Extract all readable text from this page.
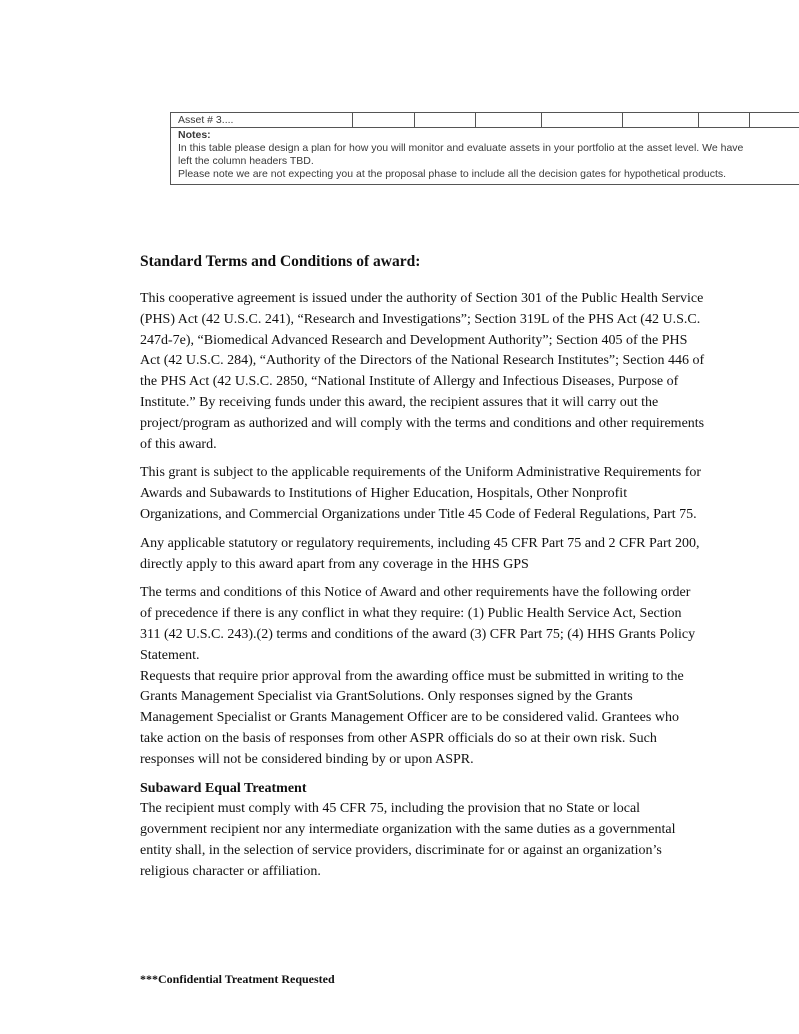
Asset # 3....

Notes:

In this table please design a plan for how you will monitor and evaluate assets in your portfolio at the asset level. We have

left the column headers TBD.

Please note we are not expecting you at the proposal phase to include all the decision gates for hypothetical products.

Standard Terms and Conditions of award:

This cooperative agreement is issued under the authority of Section 301 of the Public Health Service (PHS) Act (42 U.S.C. 241), “Research and Investigations”; Section 319L of the PHS Act (42 U.S.C. 247d-7e), “Biomedical Advanced Research and Development Authority”; Section 405 of the PHS Act (42 U.S.C. 284), “Authority of the Directors of the National Research Institutes”; Section 446 of the PHS Act (42 U.S.C. 2850, “National Institute of Allergy and Infectious Diseases, Purpose of Institute.” By receiving funds under this award, the recipient assures that it will carry out the project/program as authorized and will comply with the terms and conditions and other requirements of this award.

This grant is subject to the applicable requirements of the Uniform Administrative Requirements for Awards and Subawards to Institutions of Higher Education, Hospitals, Other Nonprofit Organizations, and Commercial Organizations under Title 45 Code of Federal Regulations, Part 75.

Any applicable statutory or regulatory requirements, including 45 CFR Part 75 and 2 CFR Part 200, directly apply to this award apart from any coverage in the HHS GPS

The terms and conditions of this Notice of Award and other requirements have the following order of precedence if there is any conflict in what they require: (1) Public Health Service Act, Section 311 (42 U.S.C. 243).(2) terms and conditions of the award (3) CFR Part 75; (4) HHS Grants Policy Statement.

Requests that require prior approval from the awarding office must be submitted in writing to the Grants Management Specialist via GrantSolutions. Only responses signed by the Grants Management Specialist or Grants Management Officer are to be considered valid. Grantees who take action on the basis of responses from other ASPR officials do so at their own risk. Such responses will not be considered binding by or upon ASPR.

Subaward Equal Treatment

The recipient must comply with 45 CFR 75, including the provision that no State or local government recipient nor any intermediate organization with the same duties as a governmental entity shall, in the selection of service providers, discriminate for or against an organization’s religious character or affiliation.

***Confidential Treatment Requested
